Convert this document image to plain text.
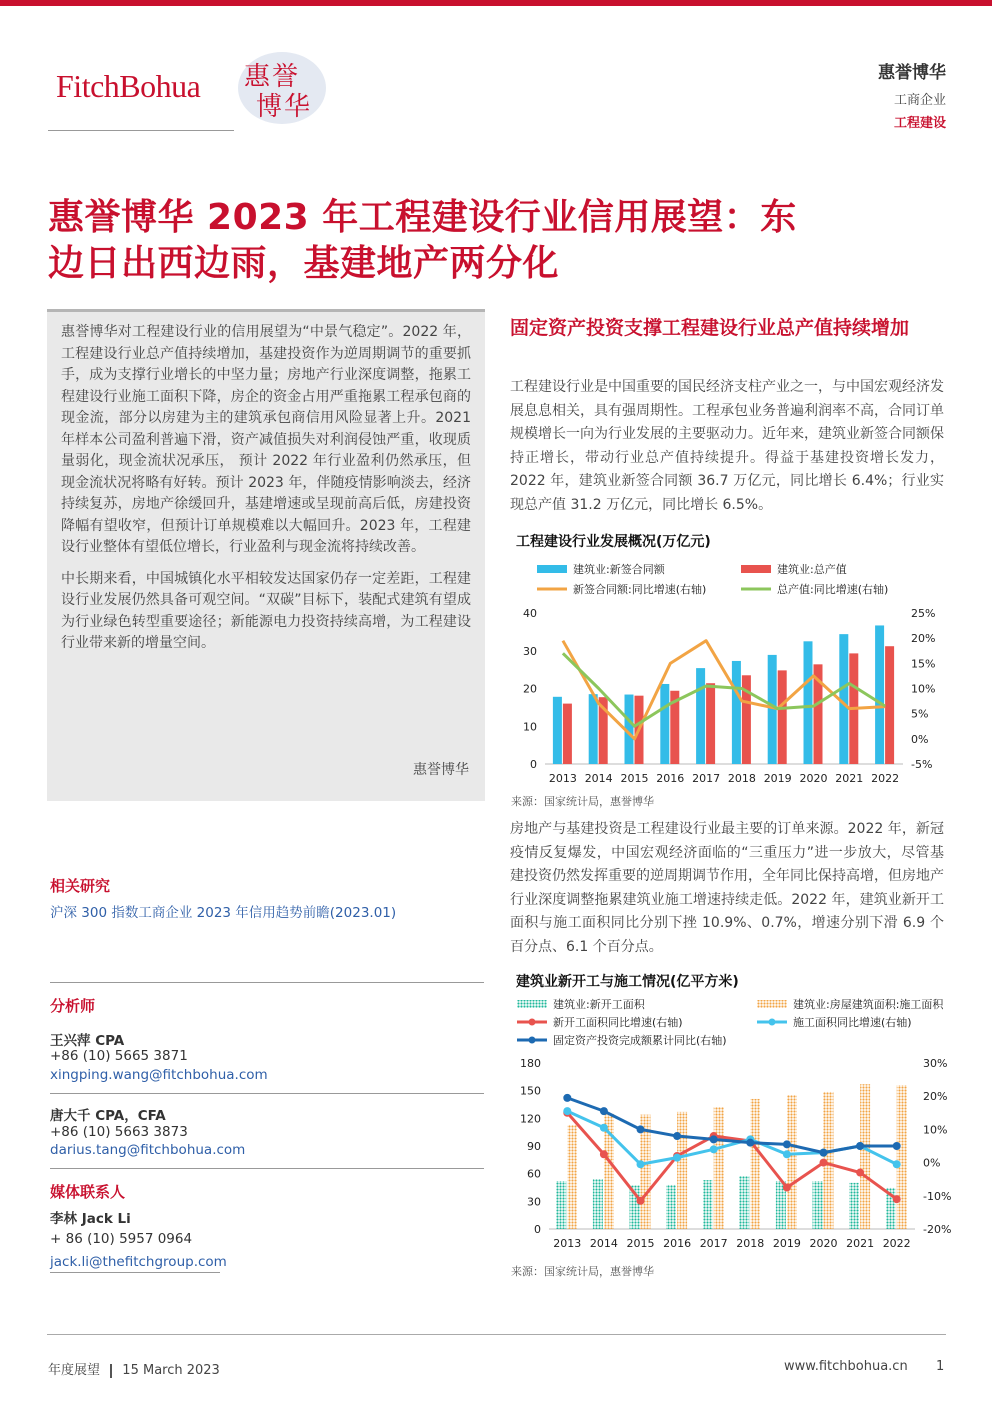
FitchBohua 惠誉
博华
惠誉博华
工商企业
工程建设
惠誉博华 2023 年工程建设行业信用展望：东
边日出西边雨，基建地产两分化

惠誉博华对工程建设行业的信用展望为“中景气稳定”。2022 年，工程建设行业总产值持续增加，基建投资作为逆周期调节的重要抓手，成为支撑行业增长的中坚力量；房地产行业深度调整，拖累工程建设行业施工面积下降，房企的资金占用严重拖累工程承包商的现金流，部分以房建为主的建筑承包商信用风险显著上升。2021 年样本公司盈利普遍下滑，资产减值损失对利润侵蚀严重，收现质量弱化，现金流状况承压， 预计 2022 年行业盈利仍然承压，但现金流状况将略有好转。预计 2023 年，伴随疫情影响淡去，经济持续复苏，房地产徐缓回升，基建增速或呈现前高后低，房建投资降幅有望收窄，但预计订单规模难以大幅回升。2023 年，工程建设行业整体有望低位增长，行业盈利与现金流将持续改善。

中长期来看，中国城镇化水平相较发达国家仍存一定差距，工程建设行业发展仍然具备可观空间。“双碳”目标下，装配式建筑有望成为行业绿色转型重要途径；新能源电力投资持续高增，为工程建设行业带来新的增量空间。

惠誉博华
相关研究
沪深 300 指数工商企业 2023 年信用趋势前瞻(2023.01)
分析师
王兴萍 CPA
+86 (10) 5665 3871
xingping.wang@fitchbohua.com
唐大千 CPA，CFA
+86 (10) 5663 3873
darius.tang@fitchbohua.com
媒体联系人
李林 Jack Li
+ 86 (10) 5957 0964
jack.li@thefitchgroup.com
固定资产投资支撑工程建设行业总产值持续增加

工程建设行业是中国重要的国民经济支柱产业之一，与中国宏观经济发展息息相关，具有强周期性。工程承包业务普遍利润率不高，合同订单规模增长一向为行业发展的主要驱动力。近年来，建筑业新签合同额保持正增长，带动行业总产值持续提升。得益于基建投资增长发力，2022 年，建筑业新签合同额 36.7 万亿元，同比增长 6.4%；行业实现总产值 31.2 万亿元，同比增长 6.5%。

工程建设行业发展概况(万亿元)
建筑业:新签合同额	建筑业:总产值
新签合同额:同比增速(右轴)	总产值:同比增速(右轴)
0
10
20
30
40
-5%
0%
5%
10%
15%
20%
25%
2013 2014 2015 2016 2017 2018 2019 2020 2021 2022
来源：国家统计局，惠誉博华

房地产与基建投资是工程建设行业最主要的订单来源。2022 年，新冠疫情反复爆发，中国宏观经济面临的“三重压力”进一步放大，尽管基建投资仍然发挥重要的逆周期调节作用，全年同比保持高增，但房地产行业深度调整拖累建筑业施工增速持续走低。2022 年，建筑业新开工面积与施工面积同比分别下挫 10.9%、0.7%，增速分别下滑 6.9 个百分点、6.1 个百分点。

建筑业新开工与施工情况(亿平方米)
建筑业:新开工面积	建筑业:房屋建筑面积:施工面积
新开工面积同比增速(右轴)	施工面积同比增速(右轴)
固定资产投资完成额累计同比(右轴)
0
30
60
90
120
150
180
-20%
-10%
0%
10%
20%
30%
2013 2014 2015 2016 2017 2018 2019 2020 2021 2022
来源：国家统计局，惠誉博华
年度展望 15 March 2023	www.fitchbohua.cn 1
